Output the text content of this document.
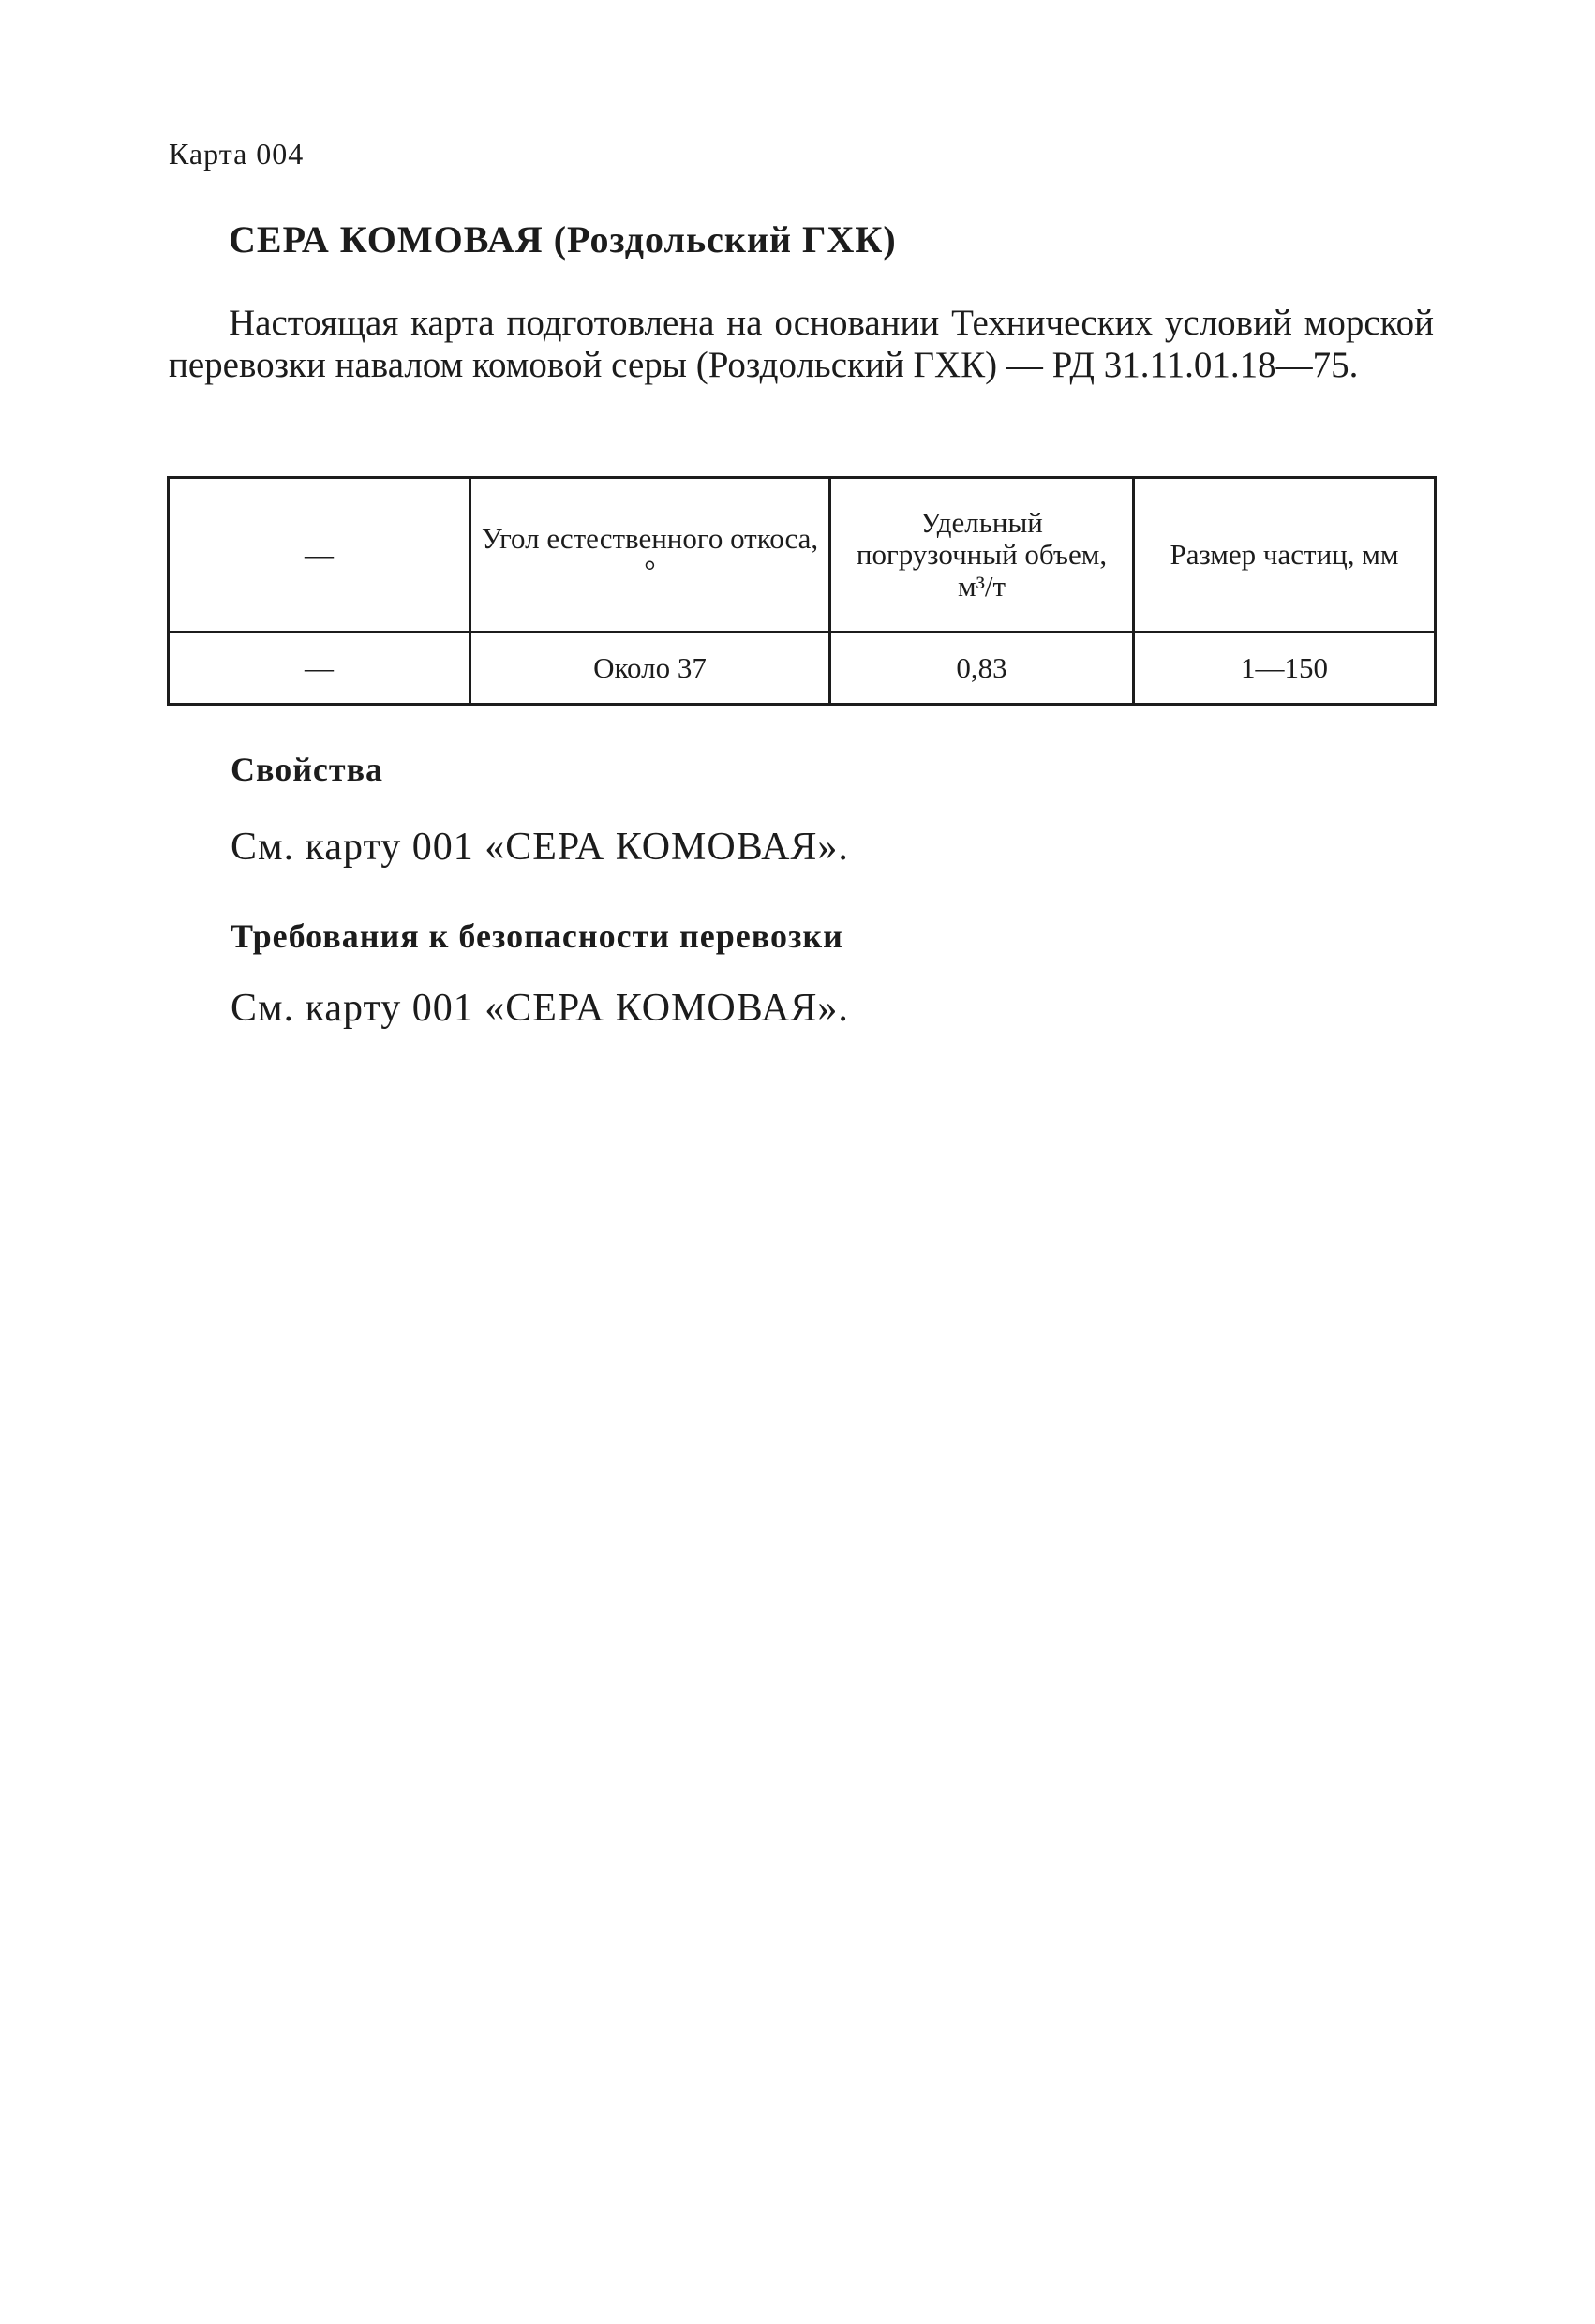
Карта 004
СЕРА КОМОВАЯ (Роздольский ГХК)

Настоящая карта подготовлена на основании Технических условий морской перевозки навалом комовой серы (Роздольский ГХК) — РД 31.11.01.18—75.

—	Угол естественного откоса, °	Удельный погрузочный объем, м³/т	Размер частиц, мм
—	Около 37	0,83	1—150
Свойства
См. карту 001 «СЕРА КОМОВАЯ».
Требования к безопасности перевозки
См. карту 001 «СЕРА КОМОВАЯ».
